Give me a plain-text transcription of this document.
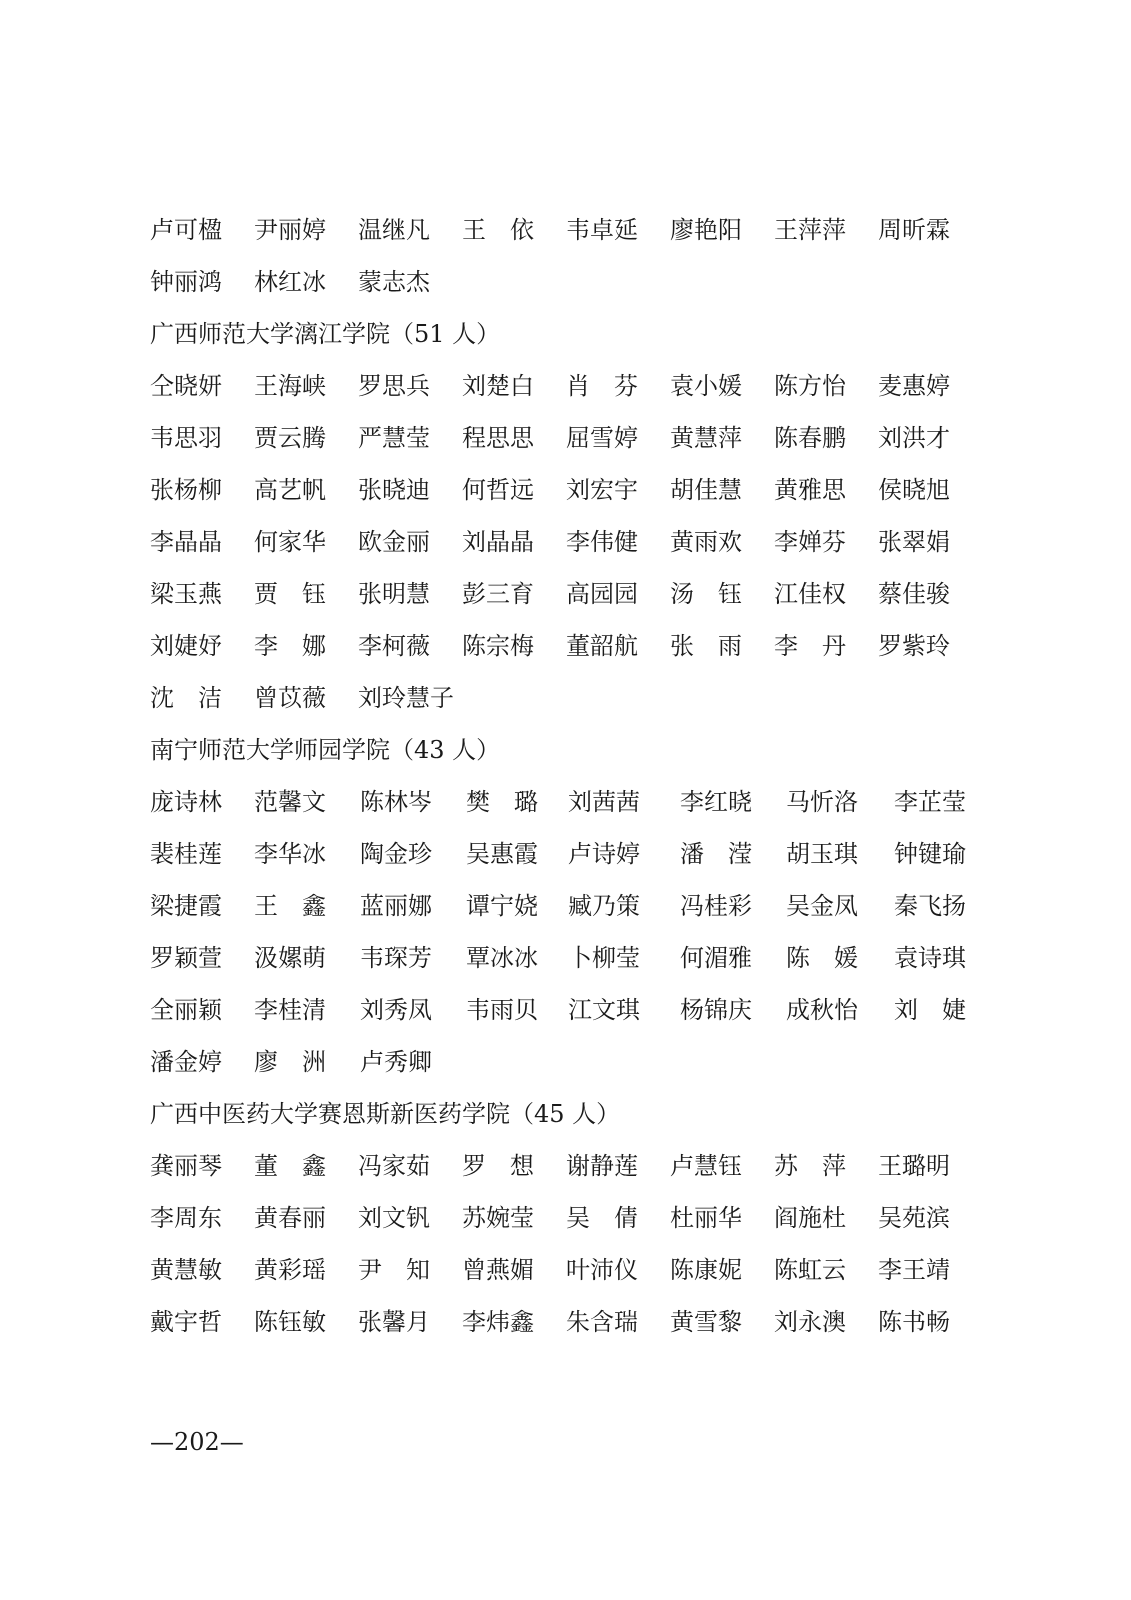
卢可楹	尹丽婷	温继凡	王 依	韦卓延	廖艳阳	王萍萍	周昕霖
钟丽鸿	林红冰	蒙志杰
广西师范大学漓江学院（51 人）
仝晓妍	王海峡	罗思兵	刘楚白	肖 芬	袁小媛	陈方怡	麦惠婷
韦思羽	贾云腾	严慧莹	程思思	屈雪婷	黄慧萍	陈春鹏	刘洪才
张杨柳	高艺帆	张晓迪	何哲远	刘宏宇	胡佳慧	黄雅思	侯晓旭
李晶晶	何家华	欧金丽	刘晶晶	李伟健	黄雨欢	李婵芬	张翠娟
梁玉燕	贾 钰	张明慧	彭三育	高园园	汤 钰	江佳权	蔡佳骏
刘婕妤	李 娜	李柯薇	陈宗梅	董韶航	张 雨	李 丹	罗紫玲
沈 洁	曾苡薇	刘玲慧子
南宁师范大学师园学院（43 人）
庞诗林	范馨文	陈林岑	樊 璐	刘茜茜	李红晓	马忻洛	李芷莹
裴桂莲	李华冰	陶金珍	吴惠霞	卢诗婷	潘 滢	胡玉琪	钟键瑜
梁捷霞	王 鑫	蓝丽娜	谭宁娆	臧乃策	冯桂彩	吴金凤	秦飞扬
罗颖萱	汲嫘萌	韦琛芳	覃冰冰	卜柳莹	何湄雅	陈 媛	袁诗琪
全丽颖	李桂清	刘秀凤	韦雨贝	江文琪	杨锦庆	成秋怡	刘 婕
潘金婷	廖 洲	卢秀卿
广西中医药大学赛恩斯新医药学院（45 人）
龚丽琴	董 鑫	冯家茹	罗 想	谢静莲	卢慧钰	苏 萍	王璐明
李周东	黄春丽	刘文钒	苏婉莹	吴 倩	杜丽华	阎施杜	吴苑滨
黄慧敏	黄彩瑶	尹 知	曾燕媚	叶沛仪	陈康妮	陈虹云	李王靖
戴宇哲	陈钰敏	张馨月	李炜鑫	朱含瑞	黄雪黎	刘永澳	陈书畅
—202—
